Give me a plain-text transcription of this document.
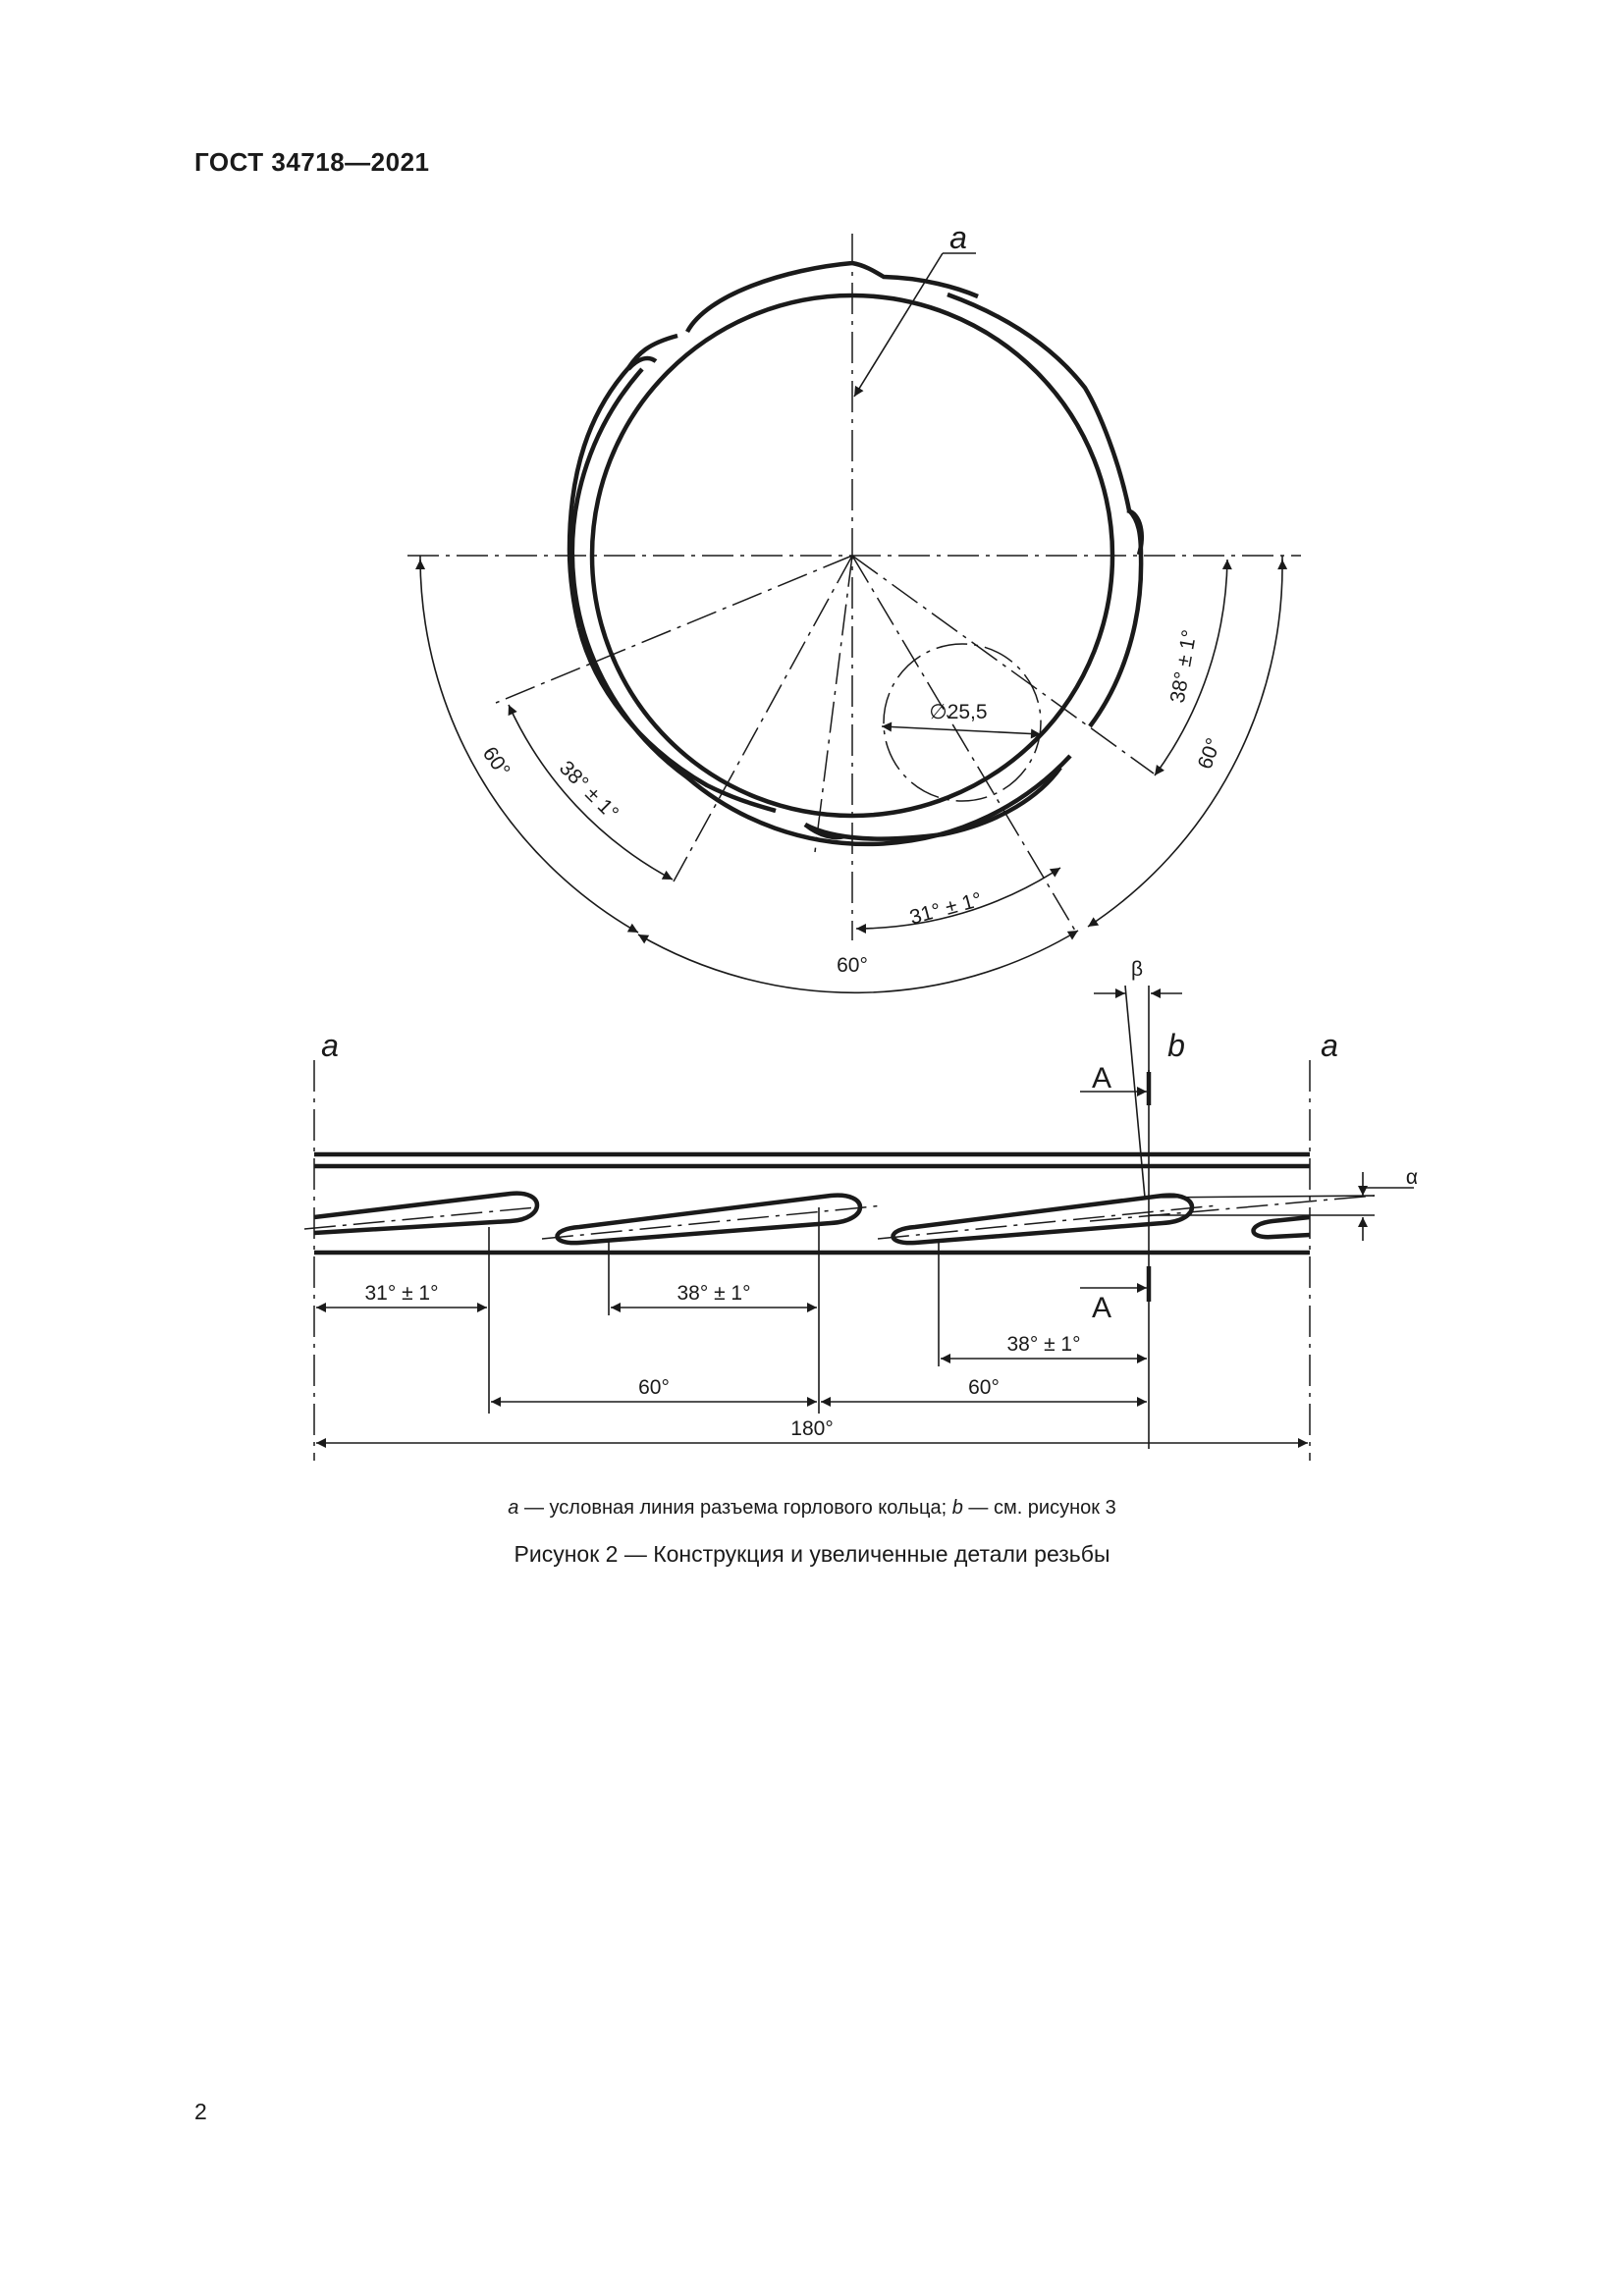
ГОСТ 34718—2021
a
∅25,5
60° 38° ± 1°
60°
31° ± 1°
38° ± 1°
60°
a	a
b
α
A
A
β
31° ± 1°	38° ± 1°
38° ± 1°
60°	60°
180°
a — условная линия разъема горлового кольца; b — см. рисунок 3
Рисунок 2 — Конструкция и увеличенные детали резьбы
2
